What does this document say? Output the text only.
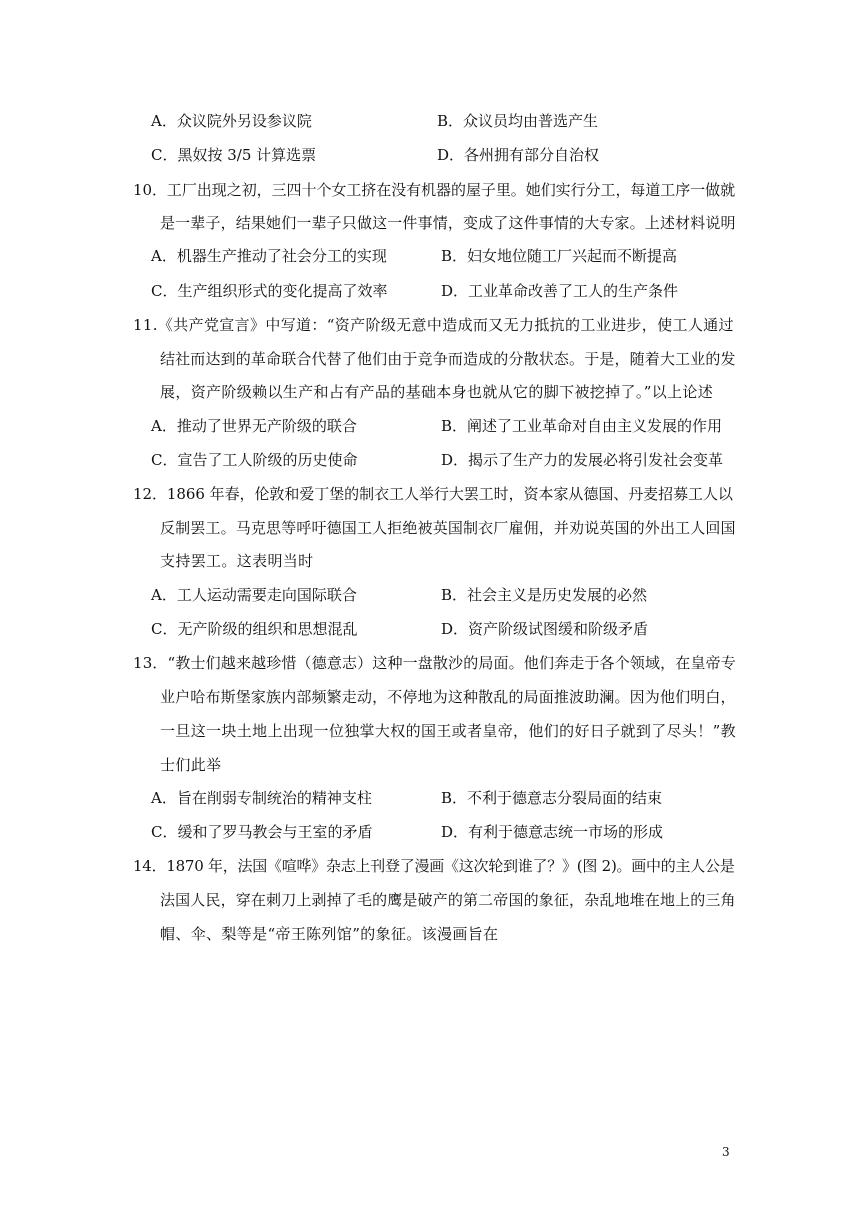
A．众议院外另设参议院	B．众议员均由普选产生
C．黑奴按 3/5 计算选票	D．各州拥有部分自治权
10．工厂出现之初，三四十个女工挤在没有机器的屋子里。她们实行分工，每道工序一做就
是一辈子，结果她们一辈子只做这一件事情，变成了这件事情的大专家。上述材料说明
A．机器生产推动了社会分工的实现	B．妇女地位随工厂兴起而不断提高
C．生产组织形式的变化提高了效率	D．工业革命改善了工人的生产条件
11.《共产党宣言》中写道：“资产阶级无意中造成而又无力抵抗的工业进步，使工人通过
结社而达到的革命联合代替了他们由于竞争而造成的分散状态。于是，随着大工业的发
展，资产阶级赖以生产和占有产品的基础本身也就从它的脚下被挖掉了。”以上论述
A．推动了世界无产阶级的联合	B．阐述了工业革命对自由主义发展的作用
C．宣告了工人阶级的历史使命	D．揭示了生产力的发展必将引发社会变革
12．1866 年春，伦敦和爱丁堡的制衣工人举行大罢工时，资本家从德国、丹麦招募工人以
反制罢工。马克思等呼吁德国工人拒绝被英国制衣厂雇佣，并劝说英国的外出工人回国
支持罢工。这表明当时
A．工人运动需要走向国际联合	B．社会主义是历史发展的必然
C．无产阶级的组织和思想混乱	D．资产阶级试图缓和阶级矛盾
13．“教士们越来越珍惜（德意志）这种一盘散沙的局面。他们奔走于各个领域，在皇帝专
业户哈布斯堡家族内部频繁走动，不停地为这种散乱的局面推波助澜。因为他们明白，
一旦这一块土地上出现一位独掌大权的国王或者皇帝，他们的好日子就到了尽头！”教
士们此举
A．旨在削弱专制统治的精神支柱	B．不利于德意志分裂局面的结束
C．缓和了罗马教会与王室的矛盾	D．有利于德意志统一市场的形成
14．1870 年，法国《喧哗》杂志上刊登了漫画《这次轮到谁了？》(图 2)。画中的主人公是
法国人民，穿在刺刀上剥掉了毛的鹰是破产的第二帝国的象征，杂乱地堆在地上的三角
帽、伞、梨等是“帝王陈列馆”的象征。该漫画旨在
3
